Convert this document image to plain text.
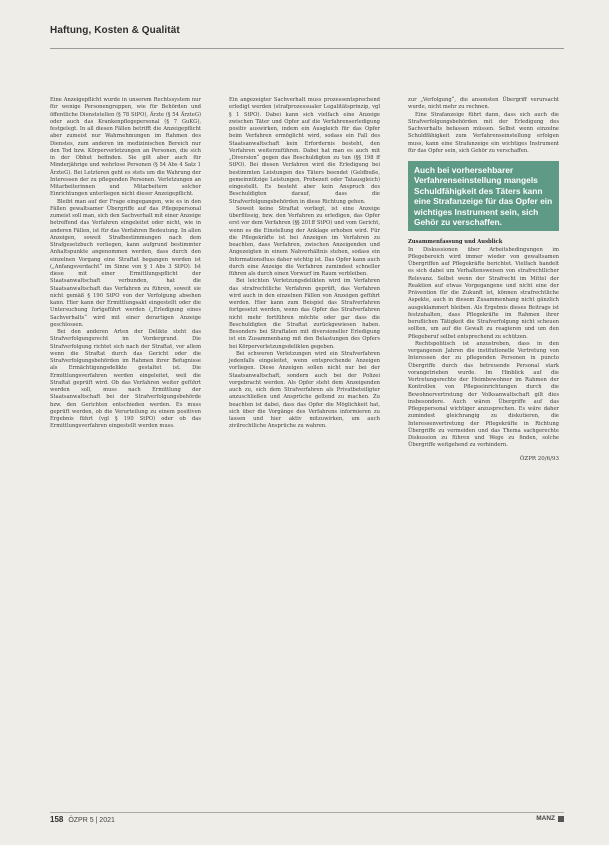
Haftung, Kosten & Qualität

Eine Anzeigepflicht wurde in unserem Rechtssystem nur für wenige Personengruppen, wie für Behörden und öffentliche Dienststellen (§ 78 StPO), Ärzte (§ 54 ÄrzteG) oder auch das Krankenpflegepersonal (§ 7 GuKG), festgelegt. In all diesen Fällen betrifft die Anzeigepflicht aber zumeist nur Wahrnehmungen im Rahmen des Dienstes, zum anderen im medizinischen Bereich nur den Tod bzw. Körperverletzungen an Personen, die sich in der Obhut befinden. Sie gilt aber auch für Minderjährige und wehrlose Personen (§ 54 Abs 4 Satz 1 ÄrzteG). Bei Letzteren geht es stets um die Wahrung der Interessen der zu pflegenden Personen. Verletzungen an Mitarbeiterinnen und Mitarbeitern solcher Einrichtungen unterliegen nicht dieser Anzeigepflicht.

Bleibt man auf der Frage eingegangen, wie es in den Fällen gewaltsamer Übergriffe auf das Pflegepersonal zumeist soll man, sich den Sachverhalt mit einer Anzeige betreffend das Verfahren eingeleitet oder nicht, wie in anderen Fällen, ist für das Verfahren Bedeutung. In allen Anzeigen, soweit Strafbestimmungen nach dem Strafgesetzbuch vorliegen, kann aufgrund bestimmter Anhaltspunkte angenommen werden, dass durch den einzelnen Vorgang eine Straftat begangen worden ist („Anfangsverdacht“ im Sinne von § 1 Abs 3 StPO). Ist diese mit einer Ermittlungspflicht der Staatsanwaltschaft verbunden, hat die Staatsanwaltschaft das Verfahren zu führen, soweit sie nicht gemäß § 190 StPO von der Verfolgung absehen kann. Hier kann der Ermittlungsakt eingestellt oder die Untersuchung fortgeführt werden („Erledigung eines Sachverhalts“ wird mit einer derartigen Anzeige geschlossen.

Bei den anderen Arten der Delikte steht das Strafverfolgungsrecht im Vordergrund. Die Strafverfolgung richtet sich nach der Straftat, vor allem wenn die Straftat durch das Gericht oder die Strafverfolgungsbehörden im Rahmen ihrer Befugnisse als Ermächtigungsdelikte gestaltet ist. Die Ermittlungsverfahren werden eingeleitet, weil die Straftat geprüft wird. Ob das Verfahren weiter geführt werden soll, muss nach Ermittlung der Staatsanwaltschaft bei der Strafverfolgungsbehörde bzw. den Gerichten entschieden werden. Es muss geprüft werden, ob die Verurteilung zu einem positiven Ergebnis führt (vgl § 190 StPO) oder ob das Ermittlungsverfahren eingestellt werden muss.

Ein angezeigter Sachverhalt muss prozessentsprechend erledigt werden (strafprozessualer Legalitätsprinzip, vgl § 1 StPO). Dabei kann sich vielfach eine Anzeige zwischen Täter und Opfer auf die Verfahrenserledigung positiv auswirken, indem ein Ausgleich für das Opfer beim Verfahren ermöglicht wird, sodass ein Fall des Staatsanwaltschaft kein Erfordernis besteht, den Verfahren weiterzuführen. Dabei hat man es auch mit „Diversion“ gegen das Beschuldigten zu tun (§§ 198 ff StPO). Bei diesen Verfahren wird die Erledigung bei bestimmten Leistungen des Täters beendet (Geldbuße, gemeinnützige Leistungen, Probezeit oder Tatausgleich) eingestellt. Es besteht aber kein Anspruch des Beschuldigten darauf, dass die Strafverfolgungsbehörden in diese Richtung gehen.

Soweit keine Straftat vorliegt, ist eine Anzeige überflüssig, bzw. den Verfahren zu erledigen, das Opfer erst vor dem Verfahren (§§ 201ff StPO) und vom Gericht, wenn es die Einstellung der Anklage erhoben wird. Für die Pflegekräfte ist bei Anzeigen im Verfahren zu beachten, dass Verfahren, zwischen Anzeigenden und Angezeigten in einem Nahverhältnis stehen, sodass ein Informationsfluss daher wichtig ist. Das Opfer kann auch durch eine Anzeige die Verfahren zumindest schneller führen als durch einen Vorwurf im Raum verbleiben.

Bei leichten Verletzungsdelikten wird im Verfahren das strafrechtliche Verfahren geprüft, das Verfahren wird auch in den einzelnen Fällen von Anzeigen geführt werden. Hier kann zum Beispiel das Strafverfahren fortgesetzt werden, wenn das Opfer das Strafverfahren nicht mehr fortführen möchte oder gar dass die Beschuldigten die Straftat zurückgewiesen haben. Besonders bei Straftaten mit diversioneller Erledigung ist ein Zusammenhang mit den Belastungen des Opfers bei Körperverletzungsdelikten gegeben.

Bei schweren Verletzungen wird ein Strafverfahren jedenfalls eingeleitet, wenn entsprechende Anzeigen vorliegen. Diese Anzeigen sollen nicht nur bei der Staatsanwaltschaft, sondern auch bei der Polizei vorgebracht werden. Als Opfer steht dem Anzeigenden auch zu, sich dem Strafverfahren als Privatbeteiligter anzuschließen und Ansprüche geltend zu machen. Zu beachten ist dabei, dass das Opfer die Möglichkeit hat, sich über die Vorgänge des Verfahrens informieren zu lassen und hier aktiv mitzuwirken, um auch zivilrechtliche Ansprüche zu wahren.

zur „Verfolgung“, die ansonsten Übergriff verursacht wurde, nicht mehr zu rechnen.

Eine Strafanzeige führt dann, dass sich auch die Strafverfolgungsbehörden mit der Erledigung des Sachverhalts befassen müssen. Selbst wenn einzelne Schuldfähigkeit zum Verfahrenseinstellung erfolgen muss, kann eine Strafanzeige ein wichtiges Instrument für das Opfer sein, sich Gehör zu verschaffen.

Auch bei vorhersehbarer Verfahrenseinstellung mangels Schuldfähigkeit des Täters kann eine Strafanzeige für das Opfer ein wichtiges Instrument sein, sich Gehör zu verschaffen.

Zusammenfassung und Ausblick

In Diskussionen über Arbeitsbedingungen im Pflegebereich wird immer wieder von gewaltsamen Übergriffen auf Pflegekräfte berichtet. Vielfach handelt es sich dabei um Verhaltensweisen von strafrechtlicher Relevanz. Selbst wenn der Strafrecht im Mittel der Reaktion auf etwas Vorgegangene und nicht eine der Prävention für die Zukunft ist, können strafrechtliche Aspekte, auch in diesem Zusammenhang nicht gänzlich ausgeklammert bleiben. Als Ergebnis dieses Beitrags ist festzuhalten, dass Pflegekräfte im Rahmen ihrer beruflichen Tätigkeit die Strafverfolgung nicht scheuen sollten, um auf die Gewalt zu reagieren und um den Pflegeberuf selbst entsprechend zu schützen.

Rechtspolitisch ist anzustreben, dass in den vergangenen Jahren die institutionelle Vertretung von Interessen der zu pflegenden Personen in puncto Übergriffe durch das betreuende Personal stark vorangetrieben wurde. Im Hinblick auf die Vertretungsrechte der Heimbewohner im Rahmen der Kontrollen von Pflegeeinrichtungen durch die Bewohnervertretung der Volksanwaltschaft gilt dies insbesondere. Auch wären Übergriffe auf das Pflegepersonal wichtiger anzusprechen. Es wäre daher zumindest gleichrangig zu diskutieren, die Interessenvertretung der Pflegekräfte in Richtung Übergriffe zu vermeiden und das Thema sachgerechte Diskussion zu führen und Wege zu finden, solche Übergriffe weitgehend zu verhindern.

ÖZPR 20/6/93
158 ÖZPR 5 | 2021	MANZ
